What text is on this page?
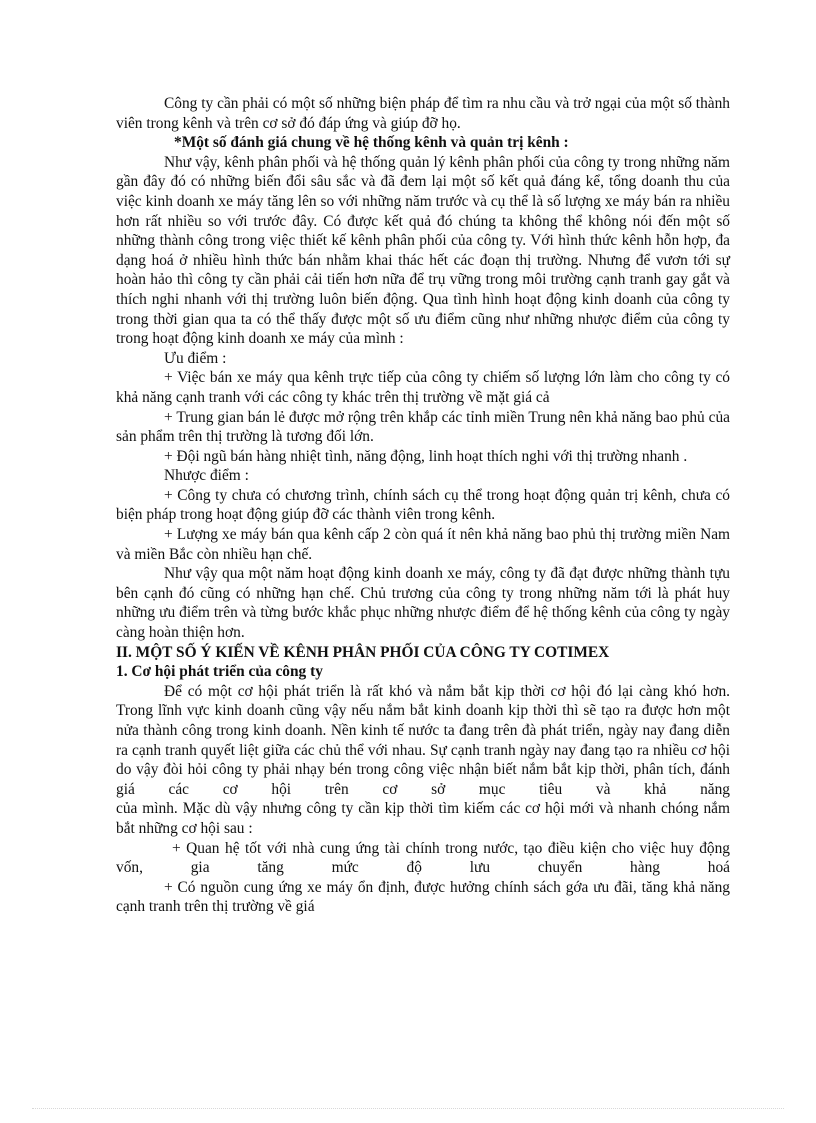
Công ty cần phải có một số những biện pháp để tìm ra nhu cầu và trở ngại của một số thành viên trong kênh và trên cơ sở đó đáp ứng và giúp đỡ họ.

*Một số đánh giá chung về hệ thống kênh và quản trị kênh :

Như vậy, kênh phân phối và hệ thống quản lý kênh phân phối của công ty trong những năm gần đây đó có những biến đổi sâu sắc và đã đem lại một số kết quả đáng kể, tổng doanh thu của việc kinh doanh xe máy tăng lên so với những năm trước và cụ thể là số lượng xe máy bán ra nhiều hơn rất nhiều so với trước đây. Có được kết quả đó chúng ta không thể không nói đến một số những thành công trong việc thiết kế kênh phân phối của công ty. Với hình thức kênh hỗn hợp, đa dạng hoá ở nhiều hình thức bán nhằm khai thác hết các đoạn thị trường. Nhưng để vươn tới sự hoàn hảo thì công ty cần phải cải tiến hơn nữa để trụ vững trong môi trường cạnh tranh gay gắt và thích nghi nhanh với thị trường luôn biến động. Qua tình hình hoạt động kinh doanh của công ty trong thời gian qua ta có thể thấy được một số ưu điểm cũng như những nhược điểm của công ty trong hoạt động kinh doanh xe máy của mình :

Ưu điểm :

+ Việc bán xe máy qua kênh trực tiếp của công ty chiếm số lượng lớn làm cho công ty có khả năng cạnh tranh với các công ty khác trên thị trường về mặt giá cả

+ Trung gian bán lẻ được mở rộng trên khắp các tỉnh miền Trung nên khả năng bao phủ của sản phẩm trên thị trường là tương đối lớn.

+ Đội ngũ bán hàng nhiệt tình, năng động, linh hoạt thích nghi với thị trường nhanh .

Nhược điểm :

+ Công ty chưa có chương trình, chính sách cụ thể trong hoạt động quản trị kênh, chưa có biện pháp trong hoạt động giúp đỡ các thành viên trong kênh.

+ Lượng xe máy bán qua kênh cấp 2 còn quá ít nên khả năng bao phủ thị trường miền Nam và miền Bắc còn nhiều hạn chế.

Như vậy qua một năm hoạt động kinh doanh xe máy, công ty đã đạt được những thành tựu bên cạnh đó cũng có những hạn chế. Chủ trương của công ty trong những năm tới là phát huy những ưu điểm trên và từng bước khắc phục những nhược điểm để hệ thống kênh của công ty ngày càng hoàn thiện hơn.

II. MỘT SỐ Ý KIẾN VỀ KÊNH PHÂN PHỐI CỦA CÔNG TY COTIMEX

1. Cơ hội phát triển của công ty

Để có một cơ hội phát triển là rất khó và nắm bắt kịp thời cơ hội đó lại càng khó hơn. Trong lĩnh vực kinh doanh cũng vậy nếu nắm bắt kinh doanh kịp thời thì sẽ tạo ra được hơn một nửa thành công trong kinh doanh. Nền kinh tế nước ta đang trên đà phát triển, ngày nay đang diễn ra cạnh tranh quyết liệt giữa các chủ thể với nhau. Sự cạnh tranh ngày nay đang tạo ra nhiều cơ hội do vậy đòi hỏi công ty phải nhạy bén trong công việc nhận biết nắm bắt kịp thời, phân tích, đánh giá các cơ hội trên cơ sở mục tiêu và khả năng

của mình. Mặc dù vậy nhưng công ty cần kịp thời tìm kiếm các cơ hội mới và nhanh chóng nắm bắt những cơ hội sau :

+ Quan hệ tốt với nhà cung ứng tài chính trong nước, tạo điều kiện cho việc huy động vốn, gia tăng mức độ lưu chuyển hàng hoá

+ Có nguồn cung ứng xe máy ổn định, được hưởng chính sách gớa ưu đãi, tăng khả năng cạnh tranh trên thị trường về giá
